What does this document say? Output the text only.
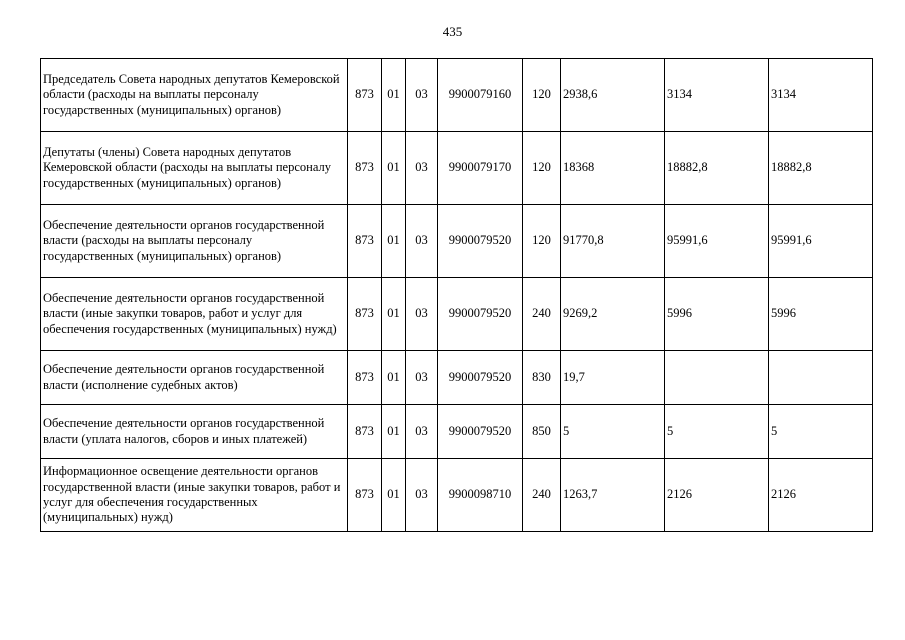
435
Председатель Совета народных депутатов Кемеровской области (расходы на выплаты персоналу государственных (муниципальных) органов)	873	01	03	9900079160	120	2938,6	3134	3134
Депутаты (члены) Совета народных депутатов Кемеровской области (расходы на выплаты персоналу государственных (муниципальных) органов)	873	01	03	9900079170	120	18368	18882,8	18882,8
Обеспечение деятельности органов государственной власти (расходы на выплаты персоналу государственных (муниципальных) органов)	873	01	03	9900079520	120	91770,8	95991,6	95991,6
Обеспечение деятельности органов государственной власти (иные закупки товаров, работ и услуг для обеспечения государственных (муниципальных) нужд)	873	01	03	9900079520	240	9269,2	5996	5996
Обеспечение деятельности органов государственной власти (исполнение судебных актов)	873	01	03	9900079520	830	19,7		
Обеспечение деятельности органов государственной власти (уплата налогов, сборов и иных платежей)	873	01	03	9900079520	850	5	5	5
Информационное освещение деятельности органов государственной власти (иные закупки товаров, работ и услуг для обеспечения государственных (муниципальных) нужд)	873	01	03	9900098710	240	1263,7	2126	2126
